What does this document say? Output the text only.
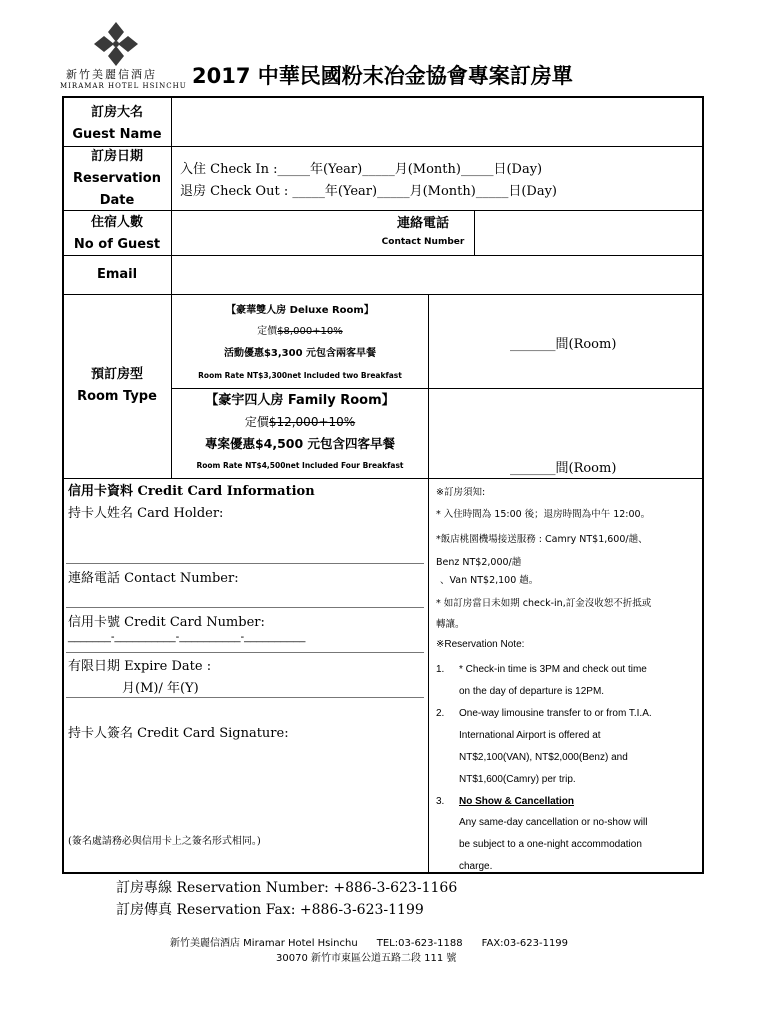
新竹美麗信酒店
MIRAMAR HOTEL HSINCHU 2017 中華民國粉末冶金協會專案訂房單
訂房大名
Guest Name
訂房日期
Reservation
Date
入住 Check In :_____年(Year)_____月(Month)_____日(Day)
退房 Check Out : _____年(Year)_____月(Month)_____日(Day)
住宿人數
No of Guest
連絡電話
Contact Number
Email
預訂房型
Room Type
【豪華雙人房 Deluxe Room】
定價$8,000+10%
活動優惠$3,300 元包含兩客早餐
Room Rate NT$3,300net Included two Breakfast
_______間(Room)
【豪宇四人房 Family Room】
定價$12,000+10%
專案優惠$4,500 元包含四客早餐
Room Rate NT$4,500net Included Four Breakfast	_______間(Room)
信用卡資料 Credit Card Information
持卡人姓名 Card Holder:
連絡電話 Contact Number:
信用卡號 Credit Card Number:
_______-__________-__________-__________
有限日期 Expire Date :
月(M)/ 年(Y)
持卡人簽名 Credit Card Signature:
(簽名處請務必與信用卡上之簽名形式相同。)
※訂房須知:
* 入住時間為 15:00 後；退房時間為中午 12:00。
*飯店桃園機場接送服務 : Camry NT$1,600/趟、
Benz NT$2,000/趟
、Van NT$2,100 趟。
* 如訂房當日未如期 check-in,訂金沒收恕不折抵或
轉讓。
※Reservation Note:
1. * Check-in time is 3PM and check out time
on the day of departure is 12PM.
2. One-way limousine transfer to or from T.I.A.
International Airport is offered at
NT$2,100(VAN), NT$2,000(Benz) and
NT$1,600(Camry) per trip.
3. No Show & Cancellation
Any same-day cancellation or no-show will
be subject to a one-night accommodation
charge.
訂房專線 Reservation Number: +886-3-623-1166
訂房傳真 Reservation Fax: +886-3-623-1199
新竹美麗信酒店 Miramar Hotel Hsinchu      TEL:03-623-1188      FAX:03-623-1199
30070 新竹市東區公道五路二段 111 號
